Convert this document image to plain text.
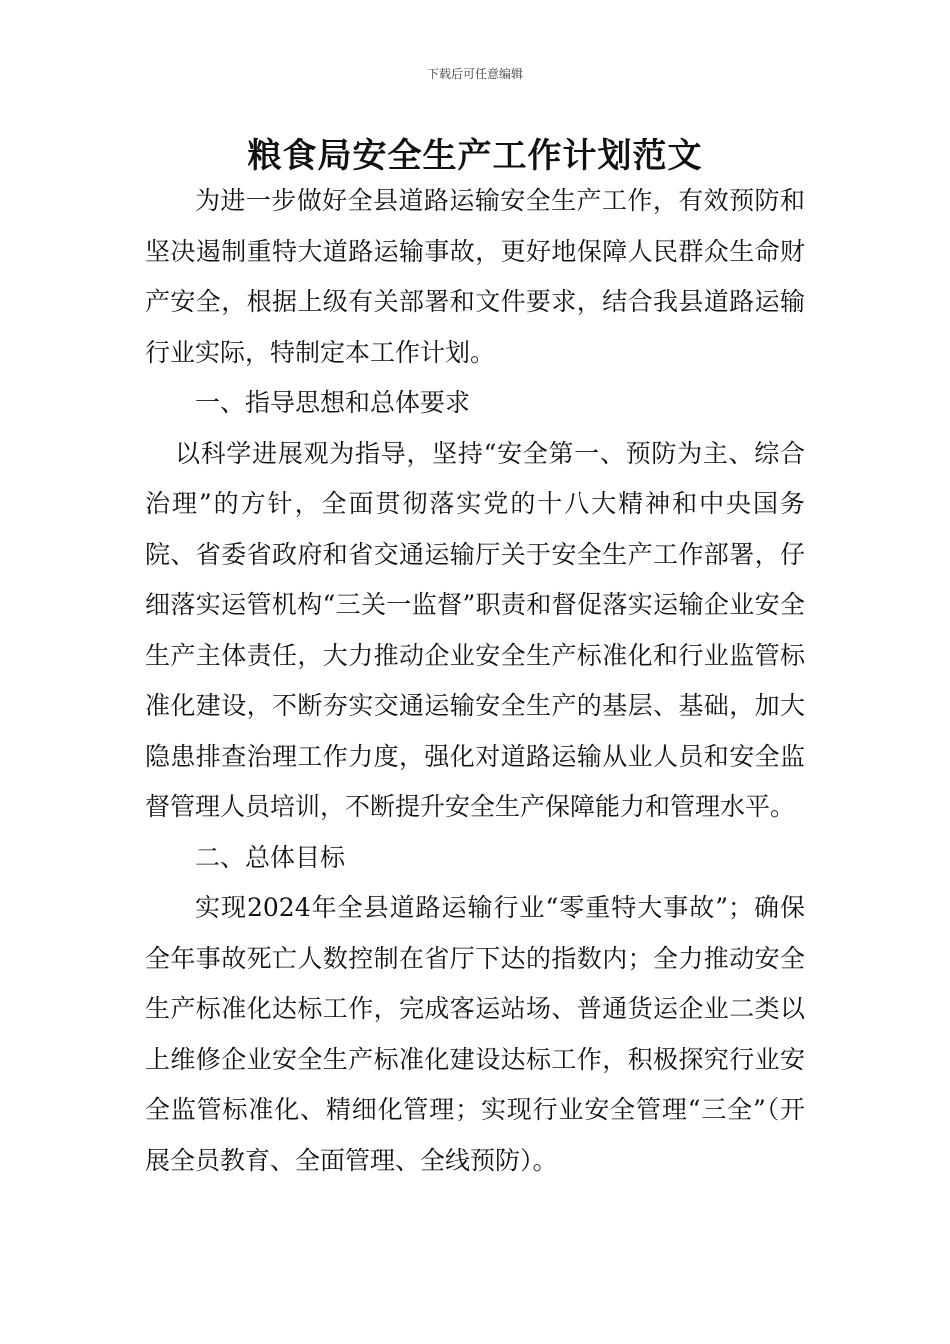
下载后可任意编辑
粮食局安全生产工作计划范文

为进一步做好全县道路运输安全生产工作，有效预防和坚决遏制重特大道路运输事故，更好地保障人民群众生命财产安全，根据上级有关部署和文件要求，结合我县道路运输行业实际，特制定本工作计划。

一、指导思想和总体要求

以科学进展观为指导，坚持“安全第一、预防为主、综合治理”的方针，全面贯彻落实党的十八大精神和中央国务院、省委省政府和省交通运输厅关于安全生产工作部署，仔细落实运管机构“三关一监督”职责和督促落实运输企业安全生产主体责任，大力推动企业安全生产标准化和行业监管标准化建设，不断夯实交通运输安全生产的基层、基础，加大隐患排查治理工作力度，强化对道路运输从业人员和安全监督管理人员培训，不断提升安全生产保障能力和管理水平。

二、总体目标

实现2024年全县道路运输行业“零重特大事故”；确保全年事故死亡人数控制在省厅下达的指数内；全力推动安全生产标准化达标工作，完成客运站场、普通货运企业二类以上维修企业安全生产标准化建设达标工作，积极探究行业安全监管标准化、精细化管理；实现行业安全管理“三全”（开展全员教育、全面管理、全线预防）。
